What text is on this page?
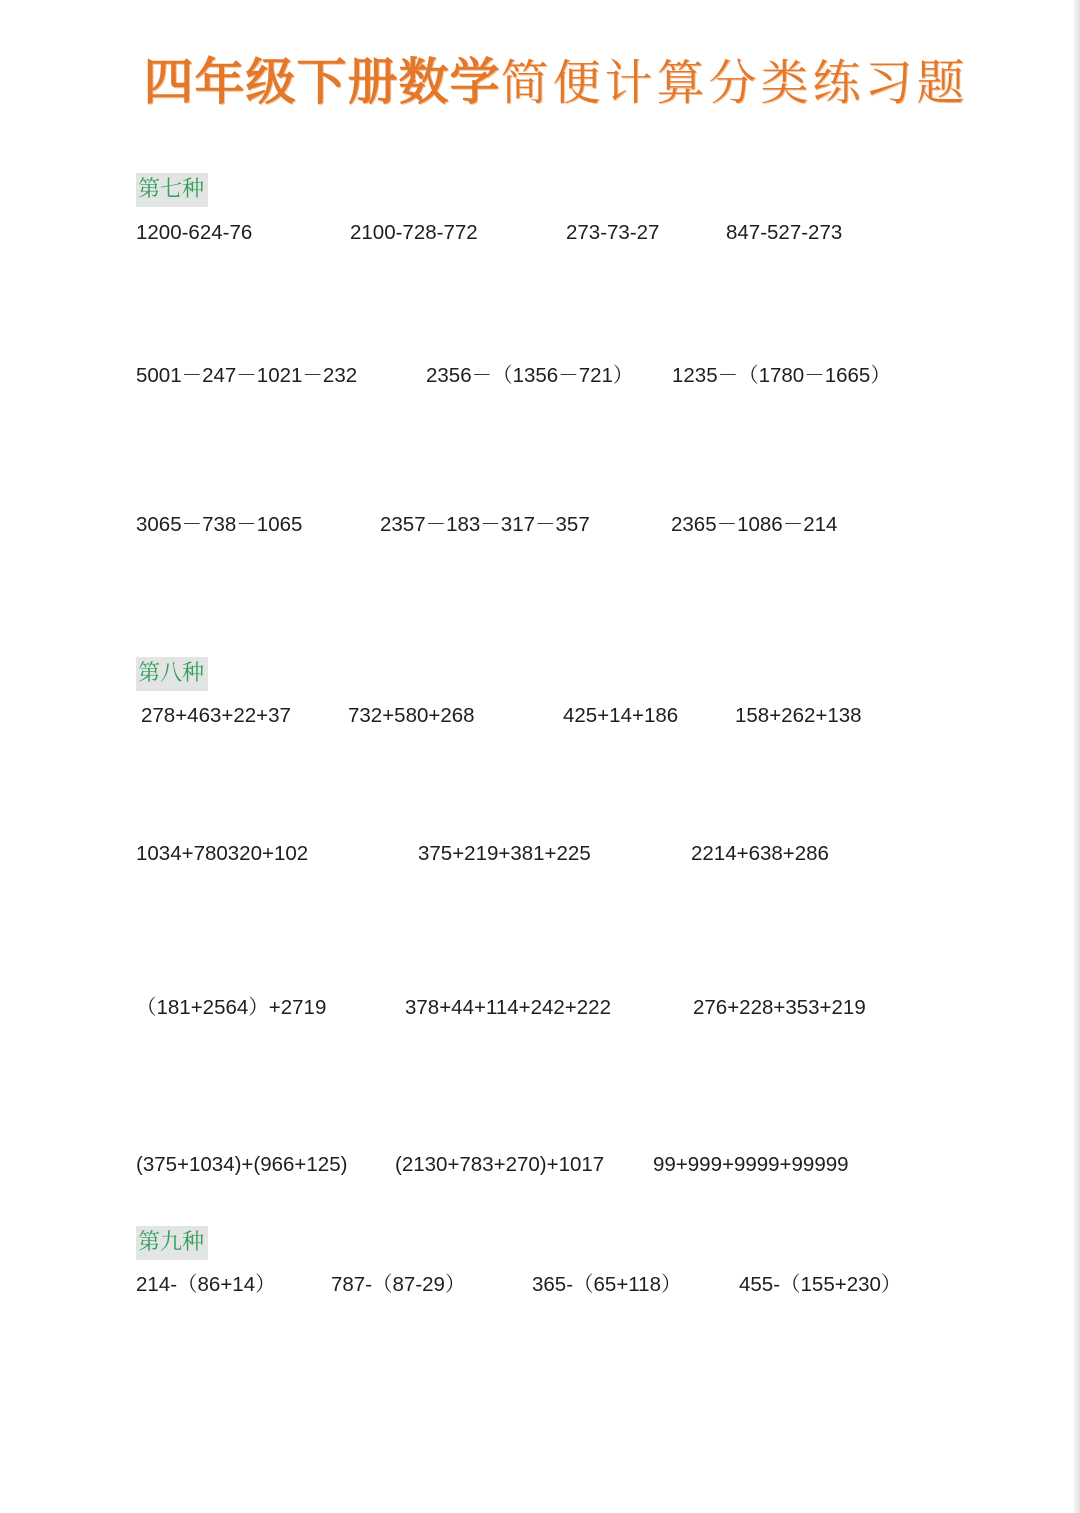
四年级下册数学简便计算分类练习题
第七种
1200-624-76	2100-728-772	273-73-27	847-527-273
5001－247－1021－232	2356－（1356－721） 1235－（1780－1665）
3065－738－1065	2357－183－317－357	2365－1086－214
第八种
278+463+22+37	732+580+268	425+14+186	158+262+138
1034+780320+102	375+219+381+225	2214+638+286
（181+2564）+2719	378+44+114+242+222	276+228+353+219
(375+1034)+(966+125) (2130+783+270)+1017 99+999+9999+99999
第九种
214-（86+14）	787-（87-29）	365-（65+118）	455-（155+230）
